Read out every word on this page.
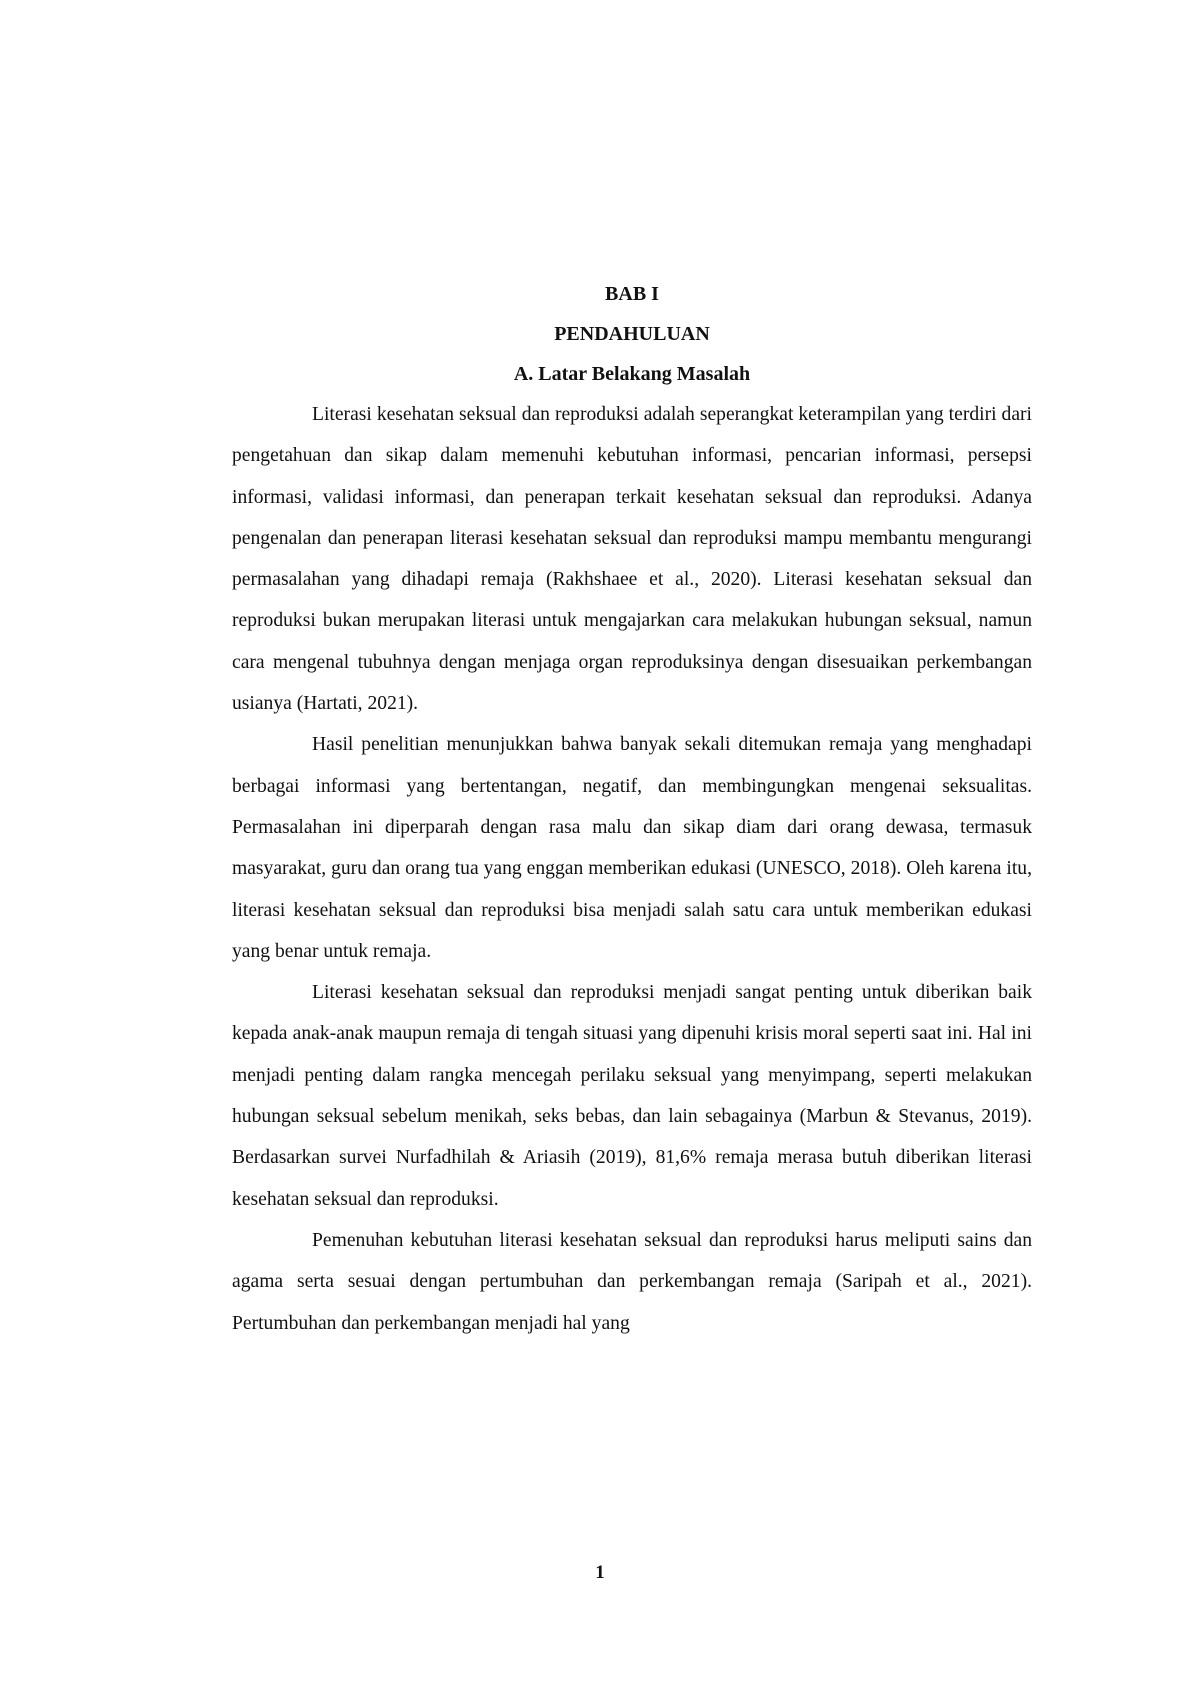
BAB I

PENDAHULUAN

A. Latar Belakang Masalah

Literasi kesehatan seksual dan reproduksi adalah seperangkat keterampilan yang terdiri dari pengetahuan dan sikap dalam memenuhi kebutuhan informasi, pencarian informasi, persepsi informasi, validasi informasi, dan penerapan terkait kesehatan seksual dan reproduksi. Adanya pengenalan dan penerapan literasi kesehatan seksual dan reproduksi mampu membantu mengurangi permasalahan yang dihadapi remaja (Rakhshaee et al., 2020). Literasi kesehatan seksual dan reproduksi bukan merupakan literasi untuk mengajarkan cara melakukan hubungan seksual, namun cara mengenal tubuhnya dengan menjaga organ reproduksinya dengan disesuaikan perkembangan usianya (Hartati, 2021).

Hasil penelitian menunjukkan bahwa banyak sekali ditemukan remaja yang menghadapi berbagai informasi yang bertentangan, negatif, dan membingungkan mengenai seksualitas. Permasalahan ini diperparah dengan rasa malu dan sikap diam dari orang dewasa, termasuk masyarakat, guru dan orang tua yang enggan memberikan edukasi (UNESCO, 2018). Oleh karena itu, literasi kesehatan seksual dan reproduksi bisa menjadi salah satu cara untuk memberikan edukasi yang benar untuk remaja.

Literasi kesehatan seksual dan reproduksi menjadi sangat penting untuk diberikan baik kepada anak-anak maupun remaja di tengah situasi yang dipenuhi krisis moral seperti saat ini. Hal ini menjadi penting dalam rangka mencegah perilaku seksual yang menyimpang, seperti melakukan hubungan seksual sebelum menikah, seks bebas, dan lain sebagainya (Marbun & Stevanus, 2019). Berdasarkan survei Nurfadhilah & Ariasih (2019), 81,6% remaja merasa butuh diberikan literasi kesehatan seksual dan reproduksi.

Pemenuhan kebutuhan literasi kesehatan seksual dan reproduksi harus meliputi sains dan agama serta sesuai dengan pertumbuhan dan perkembangan remaja (Saripah et al., 2021). Pertumbuhan dan perkembangan menjadi hal yang

1
